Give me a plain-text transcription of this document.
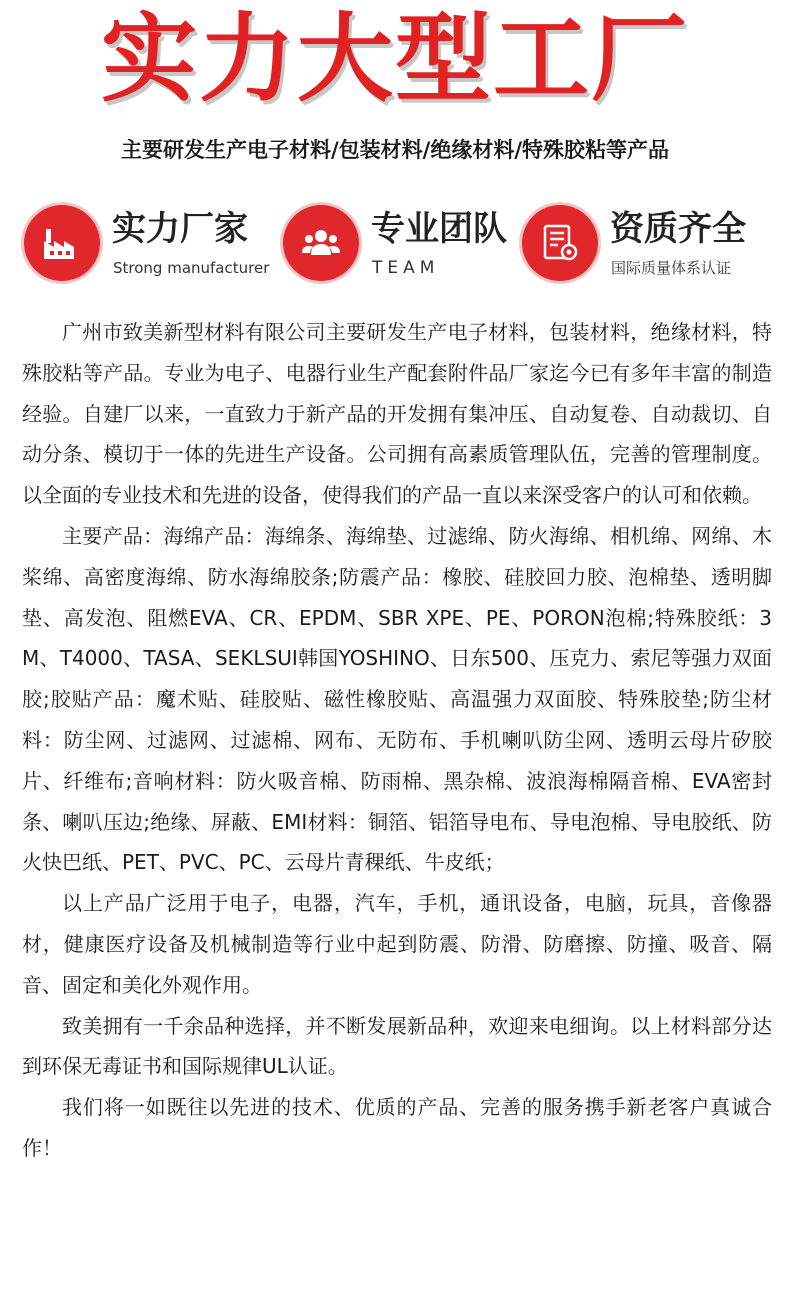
实力大型工厂
主要研发生产电子材料/包装材料/绝缘材料/特殊胶粘等产品
实力厂家
Strong manufacturer
专业团队
TEAM
资质齐全
国际质量体系认证

广州市致美新型材料有限公司主要研发生产电子材料，包装材料，绝缘材料，特殊胶粘等产品。专业为电子、电器行业生产配套附件品厂家迄今已有多年丰富的制造经验。自建厂以来，一直致力于新产品的开发拥有集冲压、自动复卷、自动裁切、自动分条、模切于一体的先进生产设备。公司拥有高素质管理队伍，完善的管理制度。以全面的专业技术和先进的设备，使得我们的产品一直以来深受客户的认可和依赖。

主要产品：海绵产品：海绵条、海绵垫、过滤绵、防火海绵、相机绵、网绵、木桨绵、高密度海绵、防水海绵胶条;防震产品：橡胶、硅胶回力胶、泡棉垫、透明脚垫、高发泡、阻燃EVA、CR、EPDM、SBR XPE、PE、PORON泡棉;特殊胶纸：3M、T4000、TASA、SEKLSUI韩国YOSHINO、日东500、压克力、索尼等强力双面胶;胶贴产品：魔术贴、硅胶贴、磁性橡胶贴、高温强力双面胶、特殊胶垫;防尘材料：防尘网、过滤网、过滤棉、网布、无防布、手机喇叭防尘网、透明云母片矽胶片、纤维布;音响材料：防火吸音棉、防雨棉、黑杂棉、波浪海棉隔音棉、EVA密封条、喇叭压边;绝缘、屏蔽、EMI材料：铜箔、铝箔导电布、导电泡棉、导电胶纸、防火快巴纸、PET、PVC、PC、云母片青稞纸、牛皮纸；

以上产品广泛用于电子，电器，汽车，手机，通讯设备，电脑，玩具，音像器材，健康医疗设备及机械制造等行业中起到防震、防滑、防磨擦、防撞、吸音、隔音、固定和美化外观作用。

致美拥有一千余品种选择，并不断发展新品种，欢迎来电细询。以上材料部分达到环保无毒证书和国际规律UL认证。

我们将一如既往以先进的技术、优质的产品、完善的服务携手新老客户真诚合作！
